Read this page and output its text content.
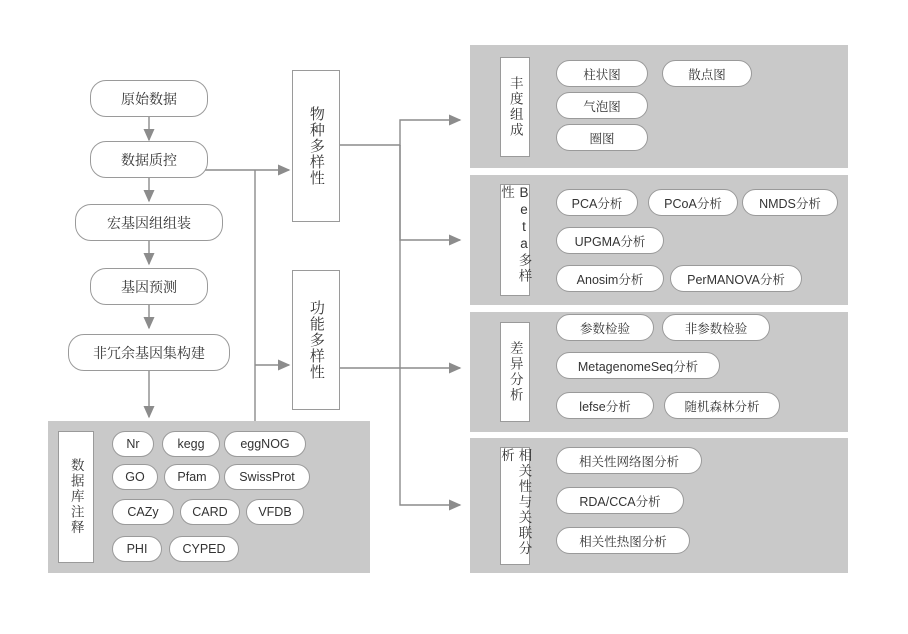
原始数据
数据质控
宏基因组组装
基因预测
非冗余基因集构建
物种多样性
功能多样性
数据库注释
Nr	kegg	eggNOG
GO	Pfam	SwissProt
CAZy	CARD VFDB
PHI	CYPED
丰度组成
柱状图	散点图
气泡图
圈图
Beta多样性
PCA分析	PCoA分析	NMDS分析
UPGMA分析
Anosim分析	PerMANOVA分析
差异分析
参数检验	非参数检验
MetagenomeSeq分析
lefse分析	随机森林分析
相关性与关联分析	相关性网络图分析
RDA/CCA分析
相关性热图分析
